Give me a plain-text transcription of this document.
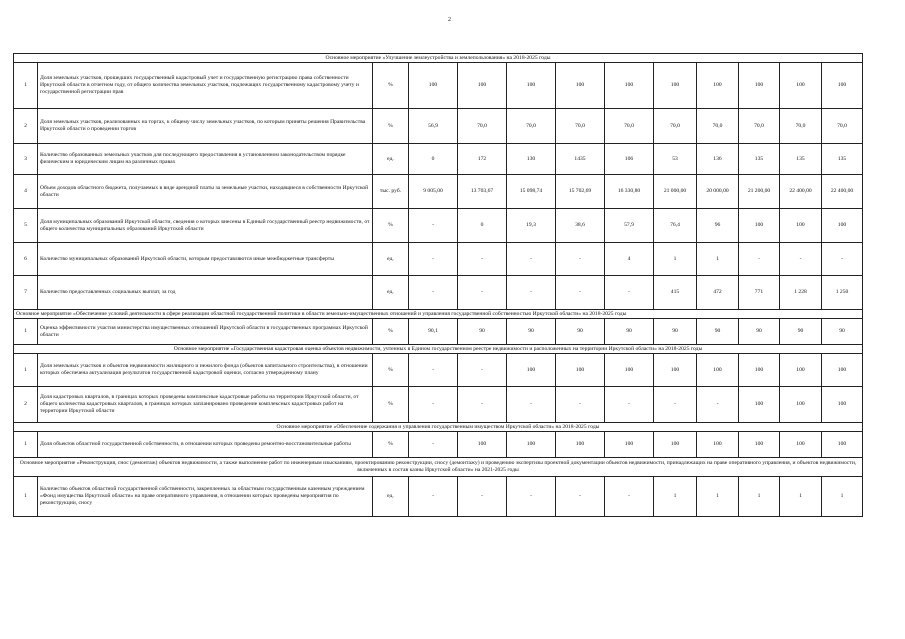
2
Основное мероприятие «Улучшение землеустройства и землепользования» на 2018-2025 годы												
1	Доля земельных участков, прошедших государственный кадастровый учет и государственную регистрацию права собственности Иркутской области в отчетном году, от общего количества земельных участков, подлежащих государственному кадастровому учету и государственной регистрации прав	%	100	100	100	100	100	100	100	100	100	100
2	Доля земельных участков, реализованных на торгах, к общему числу земельных участков, по которым приняты решения Правительства Иркутской области о проведении торгов	%	56,9	70,0	70,0	70,0	70,0	70,0	70,0	70,0	70,0	70,0
3	Количество образованных земельных участков для последующего предоставления в установленном законодательством порядке физическим и юридическим лицам на различных правах	ед.	0	172	130	1435	106	53	136	135	135	135
4	Объем доходов областного бюджета, получаемых в виде арендной платы за земельные участки, находящиеся в собственности Иркутской области	тыс. руб.	9 005,00	13 703,67	15 098,74	15 702,69	16 330,80	21 000,00	20 000,00	21 200,00	22 400,00	22 400,00
5	Доля муниципальных образований Иркутской области, сведения о которых внесены в Единый государственный реестр недвижимости, от общего количества муниципальных образований Иркутской области	%	-	0	19,3	38,6	57,9	76,4	96	100	100	100
6	Количество муниципальных образований Иркутской области, которым предоставляются иные межбюджетные трансферты	ед.	-	-	-	-	4	1	1	-	-	-
7	Количество предоставленных социальных выплат, за год	ед.	-	-	-	-	-	415	472	771	1 228	1 250
Основное мероприятие «Обеспечение условий деятельности в сфере реализации областной государственной политики в области земельно-имущественных отношений и управления государственной собственностью Иркутской области» на 2018-2025 годы												
1	Оценка эффективности участия министерства имущественных отношений Иркутской области в государственных программах Иркутской области	%	90,1	90	90	90	90	90	90	90	90	90
Основное мероприятие «Государственная кадастровая оценка объектов недвижимости, учтенных в Едином государственном реестре недвижимости и расположенных на территории Иркутской области» на 2018-2025 годы												
1	Доля земельных участков и объектов недвижимости жилищного и нежилого фонда (объектов капитального строительства), в отношении которых обеспечена актуализация результатов государственной кадастровой оценки, согласно утвержденному плану	%	-	-	100	100	100	100	100	100	100	100
2	Доля кадастровых кварталов, в границах которых проведены комплексные кадастровые работы на территории Иркутской области, от общего количества кадастровых кварталов, в границах которых запланировано проведение комплексных кадастровых работ на территории Иркутской области	%	-	-	-	-	-	-	-	100	100	100
Основное мероприятие «Обеспечение содержания и управления государственным имуществом Иркутской области» на 2018-2025 годы												
1	Доля объектов областной государственной собственности, в отношении которых проведены ремонтно-восстановительные работы	%	-	100	100	100	100	100	100	100	100	100
Основное мероприятие «Реконструкция, снос (демонтаж) объектов недвижимости, а также выполнение работ по инженерным изысканиям, проектированию реконструкции, сносу (демонтажу) и проведению экспертизы проектной документации объектов недвижимости, принадлежащих на праве оперативного управления, и объектов недвижимости, включенных в состав казны Иркутской области» на 2021-2025 годы												
1	Количество объектов областной государственной собственности, закрепленных за областным государственным казенным учреждением «Фонд имущества Иркутской области» на праве оперативного управления, в отношении которых проведены мероприятия по реконструкции, сносу	ед.	-	-	-	-	-	1	1	1	1	1
